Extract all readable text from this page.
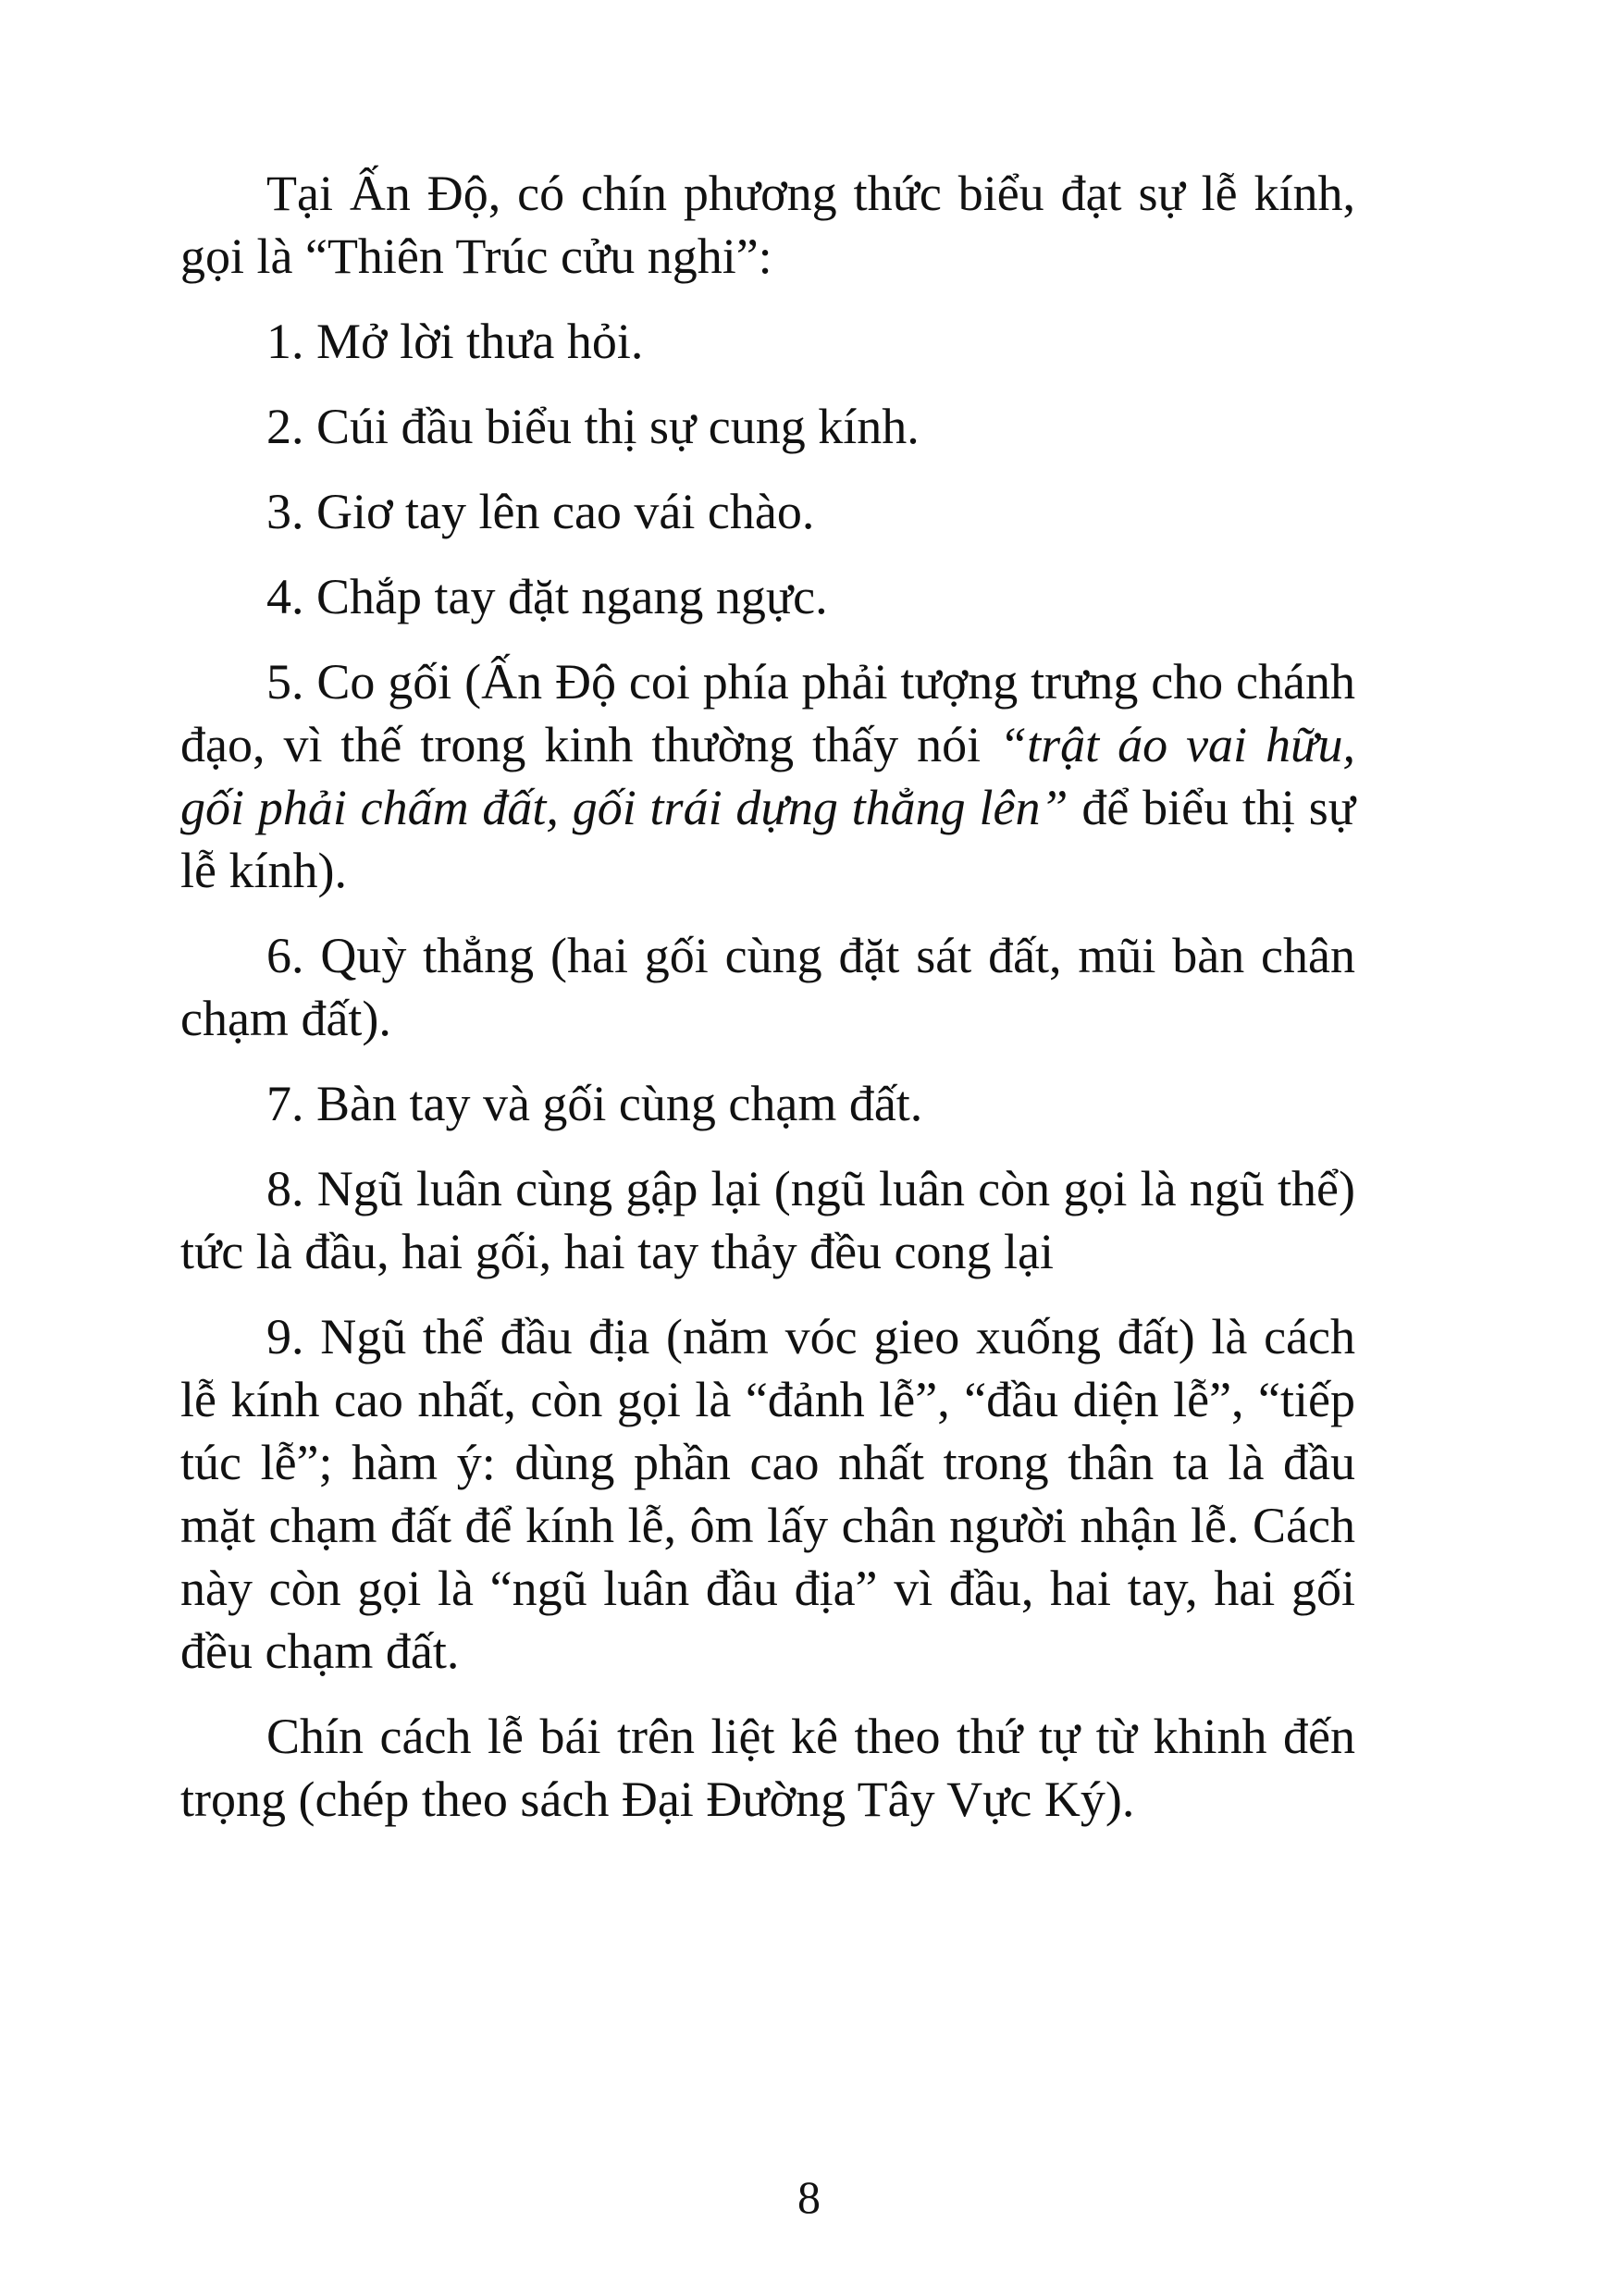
Tại Ấn Độ, có chín phương thức biểu đạt sự lễ kính, gọi là “Thiên Trúc cửu nghi”:

1. Mở lời thưa hỏi.

2. Cúi đầu biểu thị sự cung kính.

3. Giơ tay lên cao vái chào.

4. Chắp tay đặt ngang ngực.

5. Co gối (Ấn Độ coi phía phải tượng trưng cho chánh đạo, vì thế trong kinh thường thấy nói “trật áo vai hữu, gối phải chấm đất, gối trái dựng thẳng lên” để biểu thị sự lễ kính).

6. Quỳ thẳng (hai gối cùng đặt sát đất, mũi bàn chân chạm đất).

7. Bàn tay và gối cùng chạm đất.

8. Ngũ luân cùng gập lại (ngũ luân còn gọi là ngũ thể) tức là đầu, hai gối, hai tay thảy đều cong lại

9. Ngũ thể đầu địa (năm vóc gieo xuống đất) là cách lễ kính cao nhất, còn gọi là “đảnh lễ”, “đầu diện lễ”, “tiếp túc lễ”; hàm ý: dùng phần cao nhất trong thân ta là đầu mặt chạm đất để kính lễ, ôm lấy chân người nhận lễ. Cách này còn gọi là “ngũ luân đầu địa” vì đầu, hai tay, hai gối đều chạm đất.

Chín cách lễ bái trên liệt kê theo thứ tự từ khinh đến trọng (chép theo sách Đại Đường Tây Vực Ký).

8
